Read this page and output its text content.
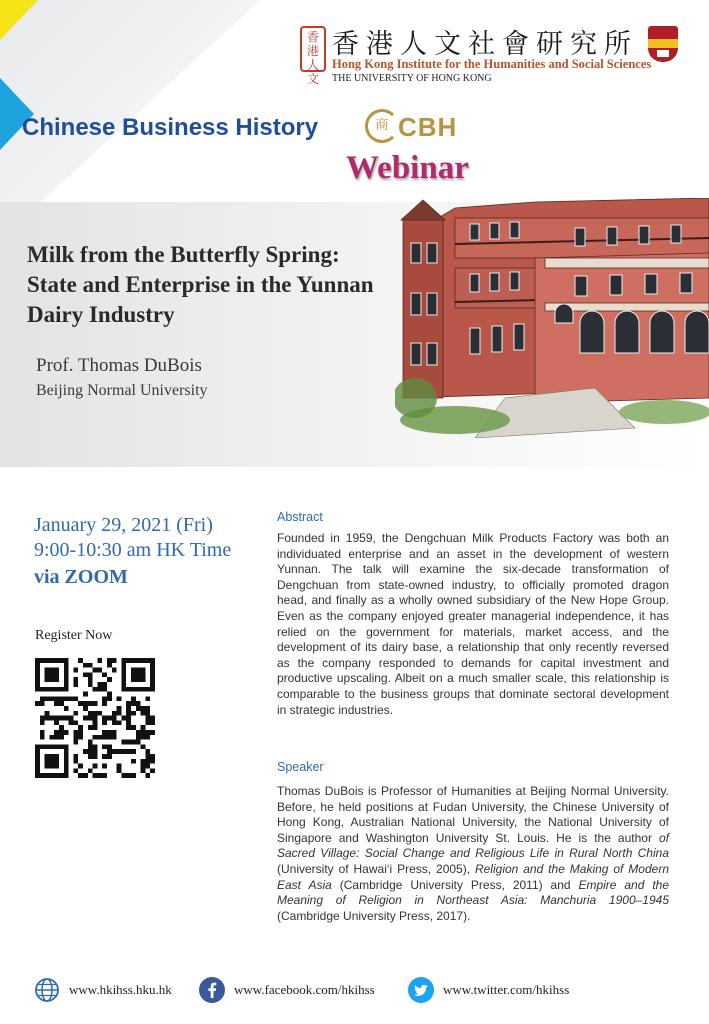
香港人文
香港人文社會研究所
Hong Kong Institute for the Humanities and Social Sciences
THE UNIVERSITY OF HONG KONG
Chinese Business History	商 CBH
Webinar
Milk from the Butterfly Spring: State and Enterprise in the Yunnan Dairy Industry
Prof. Thomas DuBois
Beijing Normal University
January 29, 2021 (Fri)
9:00-10:30 am HK Time
via ZOOM
Register Now
Abstract
Founded in 1959, the Dengchuan Milk Products Factory was both an individuated enterprise and an asset in the development of western Yunnan. The talk will examine the six-decade transformation of Dengchuan from state-owned industry, to officially promoted dragon head, and finally as a wholly owned subsidiary of the New Hope Group. Even as the company enjoyed greater managerial independence, it has relied on the government for materials, market access, and the development of its dairy base, a relationship that only recently reversed as the company responded to demands for capital investment and productive upscaling. Albeit on a much smaller scale, this relationship is comparable to the business groups that dominate sectoral development in strategic industries.
Speaker
Thomas DuBois is Professor of Humanities at Beijing Normal University. Before, he held positions at Fudan University, the Chinese University of Hong Kong, Australian National University, the National University of Singapore and Washington University St. Louis. He is the author of Sacred Village: Social Change and Religious Life in Rural North China (University of Hawai‘i Press, 2005), Religion and the Making of Modern East Asia (Cambridge University Press, 2011) and Empire and the Meaning of Religion in Northeast Asia: Manchuria 1900–1945 (Cambridge University Press, 2017).
www.hkihss.hku.hk	www.facebook.com/hkihss	www.twitter.com/hkihss
